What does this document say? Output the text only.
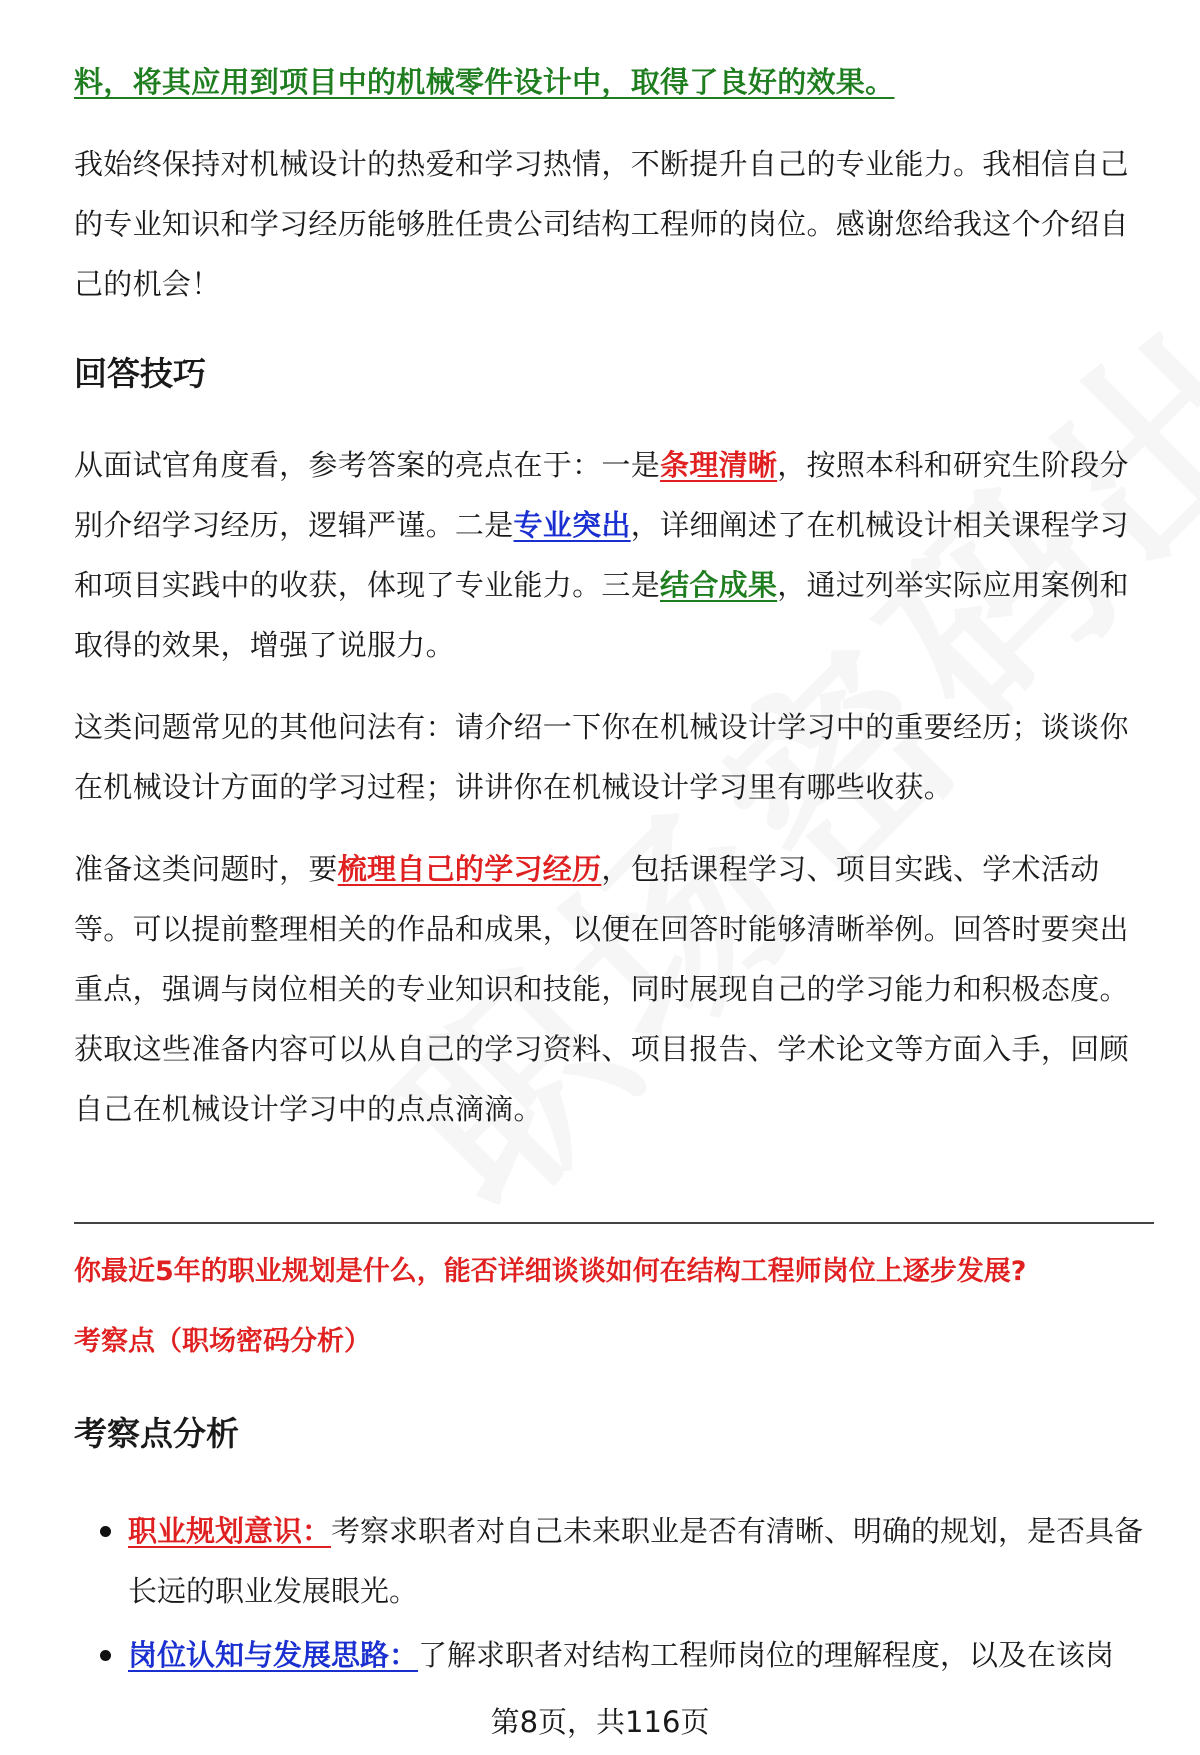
料，将其应用到项目中的机械零件设计中，取得了良好的效果。

我始终保持对机械设计的热爱和学习热情，不断提升自己的专业能力。我相信自己的专业知识和学习经历能够胜任贵公司结构工程师的岗位。感谢您给我这个介绍自己的机会！

回答技巧

从面试官角度看，参考答案的亮点在于：一是条理清晰，按照本科和研究生阶段分别介绍学习经历，逻辑严谨。二是专业突出，详细阐述了在机械设计相关课程学习和项目实践中的收获，体现了专业能力。三是结合成果，通过列举实际应用案例和取得的效果，增强了说服力。

这类问题常见的其他问法有：请介绍一下你在机械设计学习中的重要经历；谈谈你在机械设计方面的学习过程；讲讲你在机械设计学习里有哪些收获。

准备这类问题时，要梳理自己的学习经历，包括课程学习、项目实践、学术活动等。可以提前整理相关的作品和成果，以便在回答时能够清晰举例。回答时要突出重点，强调与岗位相关的专业知识和技能，同时展现自己的学习能力和积极态度。获取这些准备内容可以从自己的学习资料、项目报告、学术论文等方面入手，回顾自己在机械设计学习中的点点滴滴。

你最近5年的职业规划是什么，能否详细谈谈如何在结构工程师岗位上逐步发展?

考察点（职场密码分析）

考察点分析
职业规划意识：考察求职者对自己未来职业是否有清晰、明确的规划，是否具备长远的职业发展眼光。
岗位认知与发展思路：了解求职者对结构工程师岗位的理解程度，以及在该岗
第8页，共116页
